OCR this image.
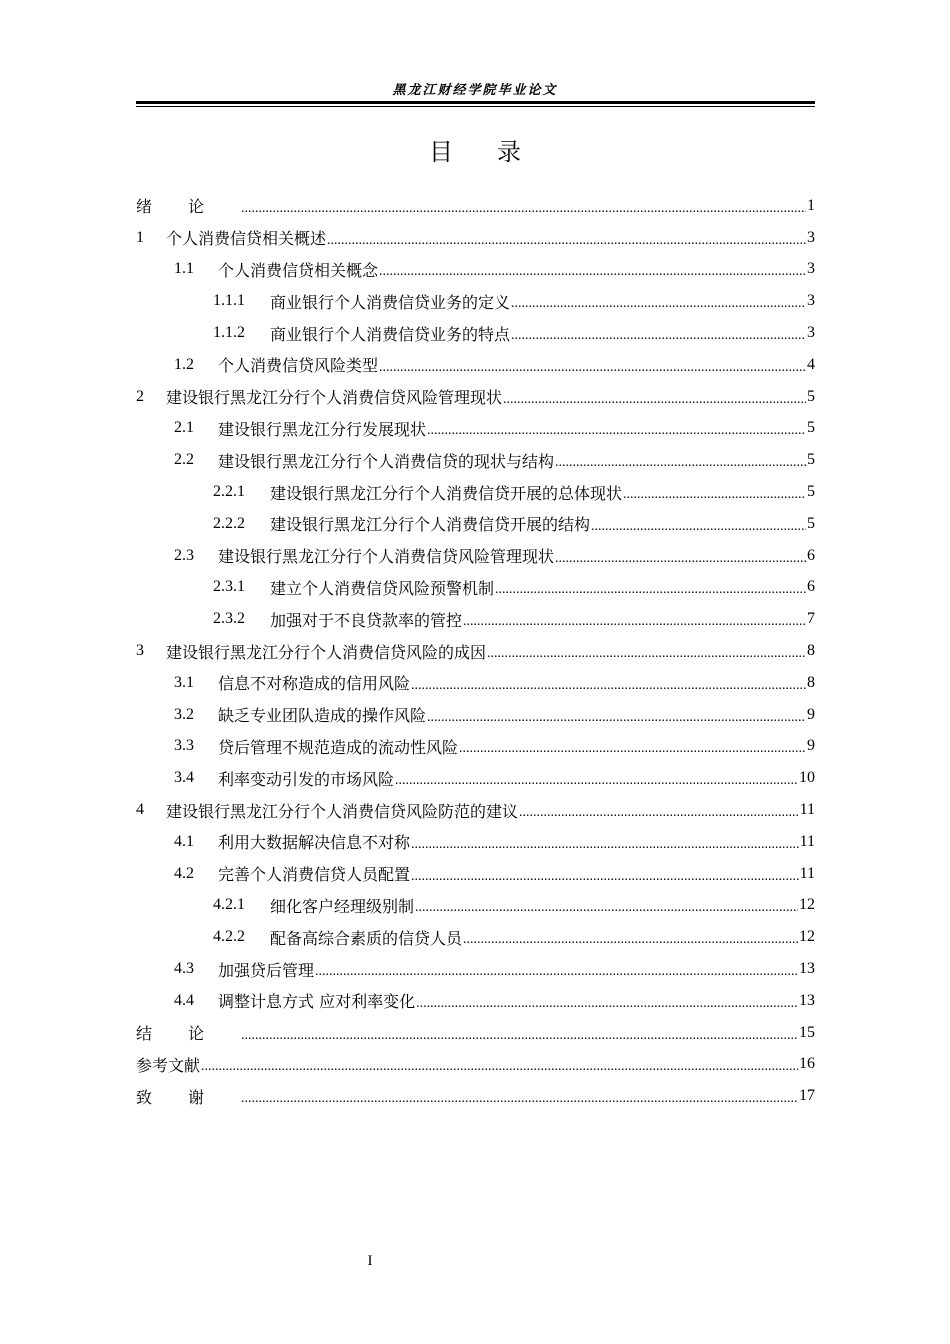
黑龙江财经学院毕业论文
目录
绪论 .....	1
1	个人消费信贷相关概述 .....	3
1.1	个人消费信贷相关概念 .....	3
1.1.1	商业银行个人消费信贷业务的定义 .....	3
1.1.2	商业银行个人消费信贷业务的特点 .....	3
1.2	个人消费信贷风险类型 .....	4
2	建设银行黑龙江分行个人消费信贷风险管理现状 .....	5
2.1	建设银行黑龙江分行发展现状 .....	5
2.2	建设银行黑龙江分行个人消费信贷的现状与结构 .....	5
2.2.1	建设银行黑龙江分行个人消费信贷开展的总体现状 .....	5
2.2.2	建设银行黑龙江分行个人消费信贷开展的结构 .....	5
2.3	建设银行黑龙江分行个人消费信贷风险管理现状 .....	6
2.3.1	建立个人消费信贷风险预警机制 .....	6
2.3.2	加强对于不良贷款率的管控 .....	7
3	建设银行黑龙江分行个人消费信贷风险的成因 .....	8
3.1	信息不对称造成的信用风险 .....	8
3.2	缺乏专业团队造成的操作风险 .....	9
3.3	贷后管理不规范造成的流动性风险 .....	9
3.4	利率变动引发的市场风险 .....	10
4	建设银行黑龙江分行个人消费信贷风险防范的建议 .....	11
4.1	利用大数据解决信息不对称 .....	11
4.2	完善个人消费信贷人员配置 .....	11
4.2.1	细化客户经理级别制 .....	12
4.2.2	配备高综合素质的信贷人员 .....	12
4.3	加强贷后管理 .....	13
4.4	调整计息方式 应对利率变化 .....	13
结论 .....	15
参考文献 .....	16
致谢 .....	17
I
